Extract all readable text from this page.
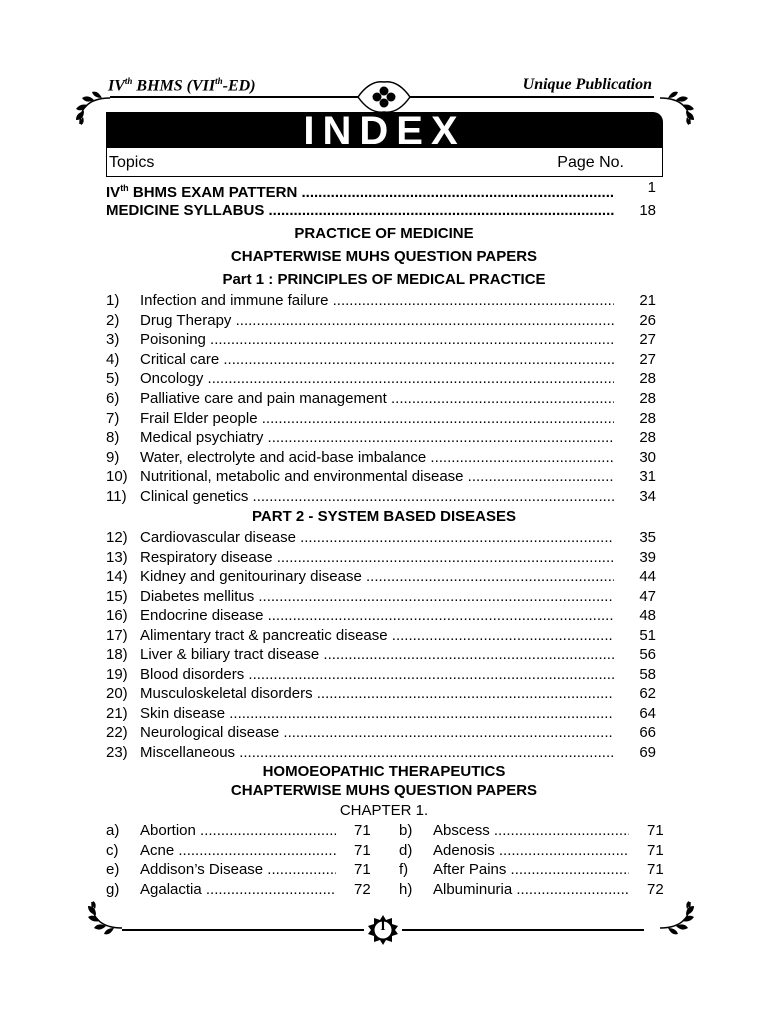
IVth BHMS (VIIth-ED)	Unique Publication
INDEX
Topics	Page No.
IVth BHMS EXAM PATTERN .....	1
MEDICINE SYLLABUS .....	18
PRACTICE OF MEDICINE
CHAPTERWISE MUHS QUESTION PAPERS
Part 1 : PRINCIPLES OF MEDICAL PRACTICE
1) Infection and immune failure .....	21
2) Drug Therapy .....	26
3) Poisoning .....	27
4) Critical care .....	27
5) Oncology .....	28
6) Palliative care and pain management .....	28
7) Frail Elder people .....	28
8) Medical psychiatry .....	28
9) Water, electrolyte and acid-base imbalance .....	30
10) Nutritional, metabolic and environmental disease .....	31
11) Clinical genetics .....	34
PART 2 - SYSTEM BASED DISEASES
12) Cardiovascular disease .....	35
13) Respiratory disease .....	39
14) Kidney and genitourinary disease .....	44
15) Diabetes mellitus .....	47
16) Endocrine disease .....	48
17) Alimentary tract & pancreatic disease .....	51
18) Liver & biliary tract disease .....	56
19) Blood disorders .....	58
20) Musculoskeletal disorders .....	62
21) Skin disease .....	64
22) Neurological disease .....	66
23) Miscellaneous .....	69
HOMOEOPATHIC THERAPEUTICS
CHAPTERWISE MUHS QUESTION PAPERS
CHAPTER 1.
a) Abortion .....	71 b) Abscess .....	71
c) Acne .....	71 d) Adenosis .....	71
e) Addison’s Disease .....	71 f) After Pains .....	71
g) Agalactia .....	72 h) Albuminuria .....	72
I
